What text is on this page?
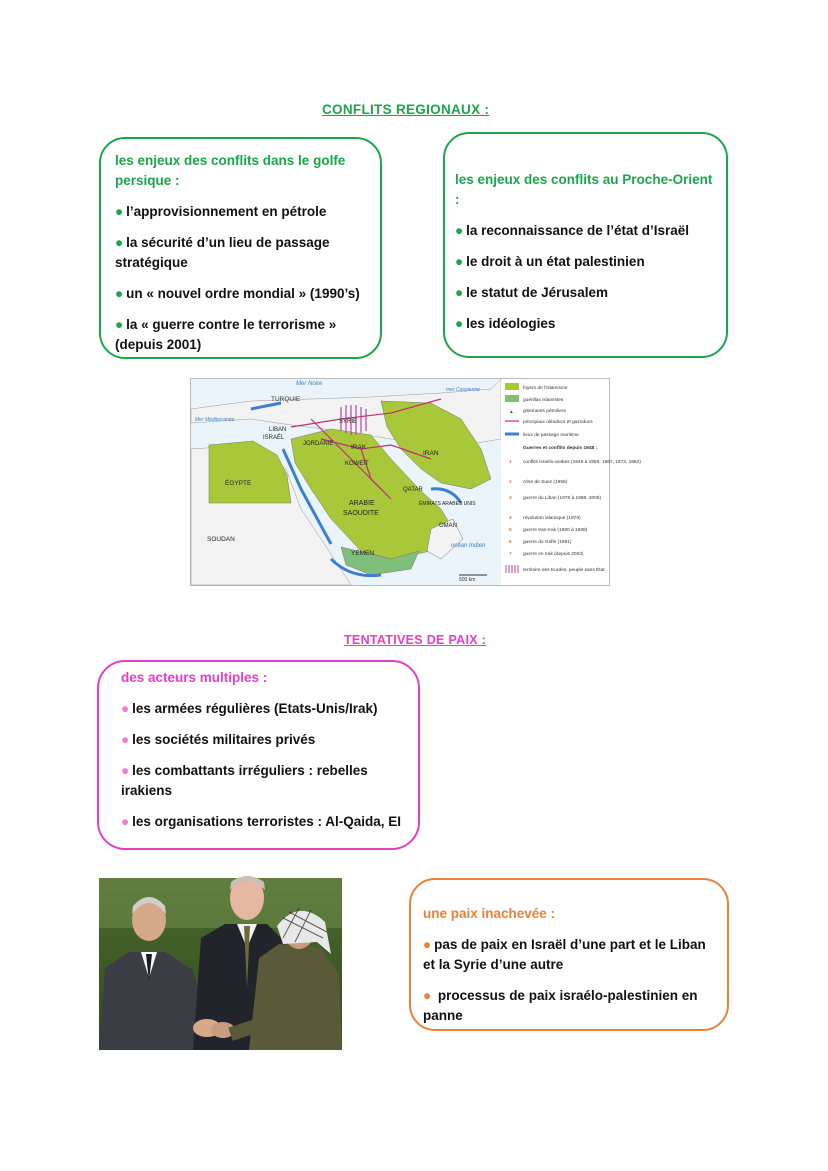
CONFLITS REGIONAUX :
les enjeux des conflits dans le golfe persique :
● l’approvisionnement en pétrole
● la sécurité d’un lieu de passage stratégique
● un « nouvel ordre mondial » (1990’s)
● la « guerre contre le terrorisme » (depuis 2001)
les enjeux des conflits au Proche-Orient :
● la reconnaissance de l’état d’Israël
● le droit à un état palestinien
● le statut de Jérusalem
● les idéologies
TURQUIE
Mer Noire
Mer Méditerranée	SYRIE
LIBAN
ISRAËL
JORDANIE	IRAK
IRAN
KOWEÏT
QATAR
ÉGYPTE
ARABIE
SAOUDITE
ÉMIRATS ARABES UNIS
OMAN
SOUDAN
YÉMEN
océan Indien
mer Caspienne
500 km
foyers de l’islamisme
guérillas islamistes
▲ gisements pétroliers
principaux oléoducs et gazoducs
lieux de passage maritime
Guerres et conflits depuis 1948 :
1 conflits israélo-arabes (1948 à 1956, 1967, 1973, 1982)
2 crise de Suez (1956)
3 guerre du Liban (1975 à 1988, 2006)
4 révolution islamique (1979)
5 guerre Iran-Irak (1980 à 1988)
6 guerre du Golfe (1991)
7 guerre en Irak (depuis 2003)
territoire des Kurdes, peuple sans État
TENTATIVES DE PAIX :
des acteurs multiples :
● les armées régulières (Etats-Unis/Irak)
● les sociétés militaires privés
● les combattants irréguliers : rebelles irakiens
● les organisations terroristes : Al-Qaida, EI
une paix inachevée :
● pas de paix en Israël d’une part et le Liban et la Syrie d’une autre
● processus de paix israélo-palestinien en panne
